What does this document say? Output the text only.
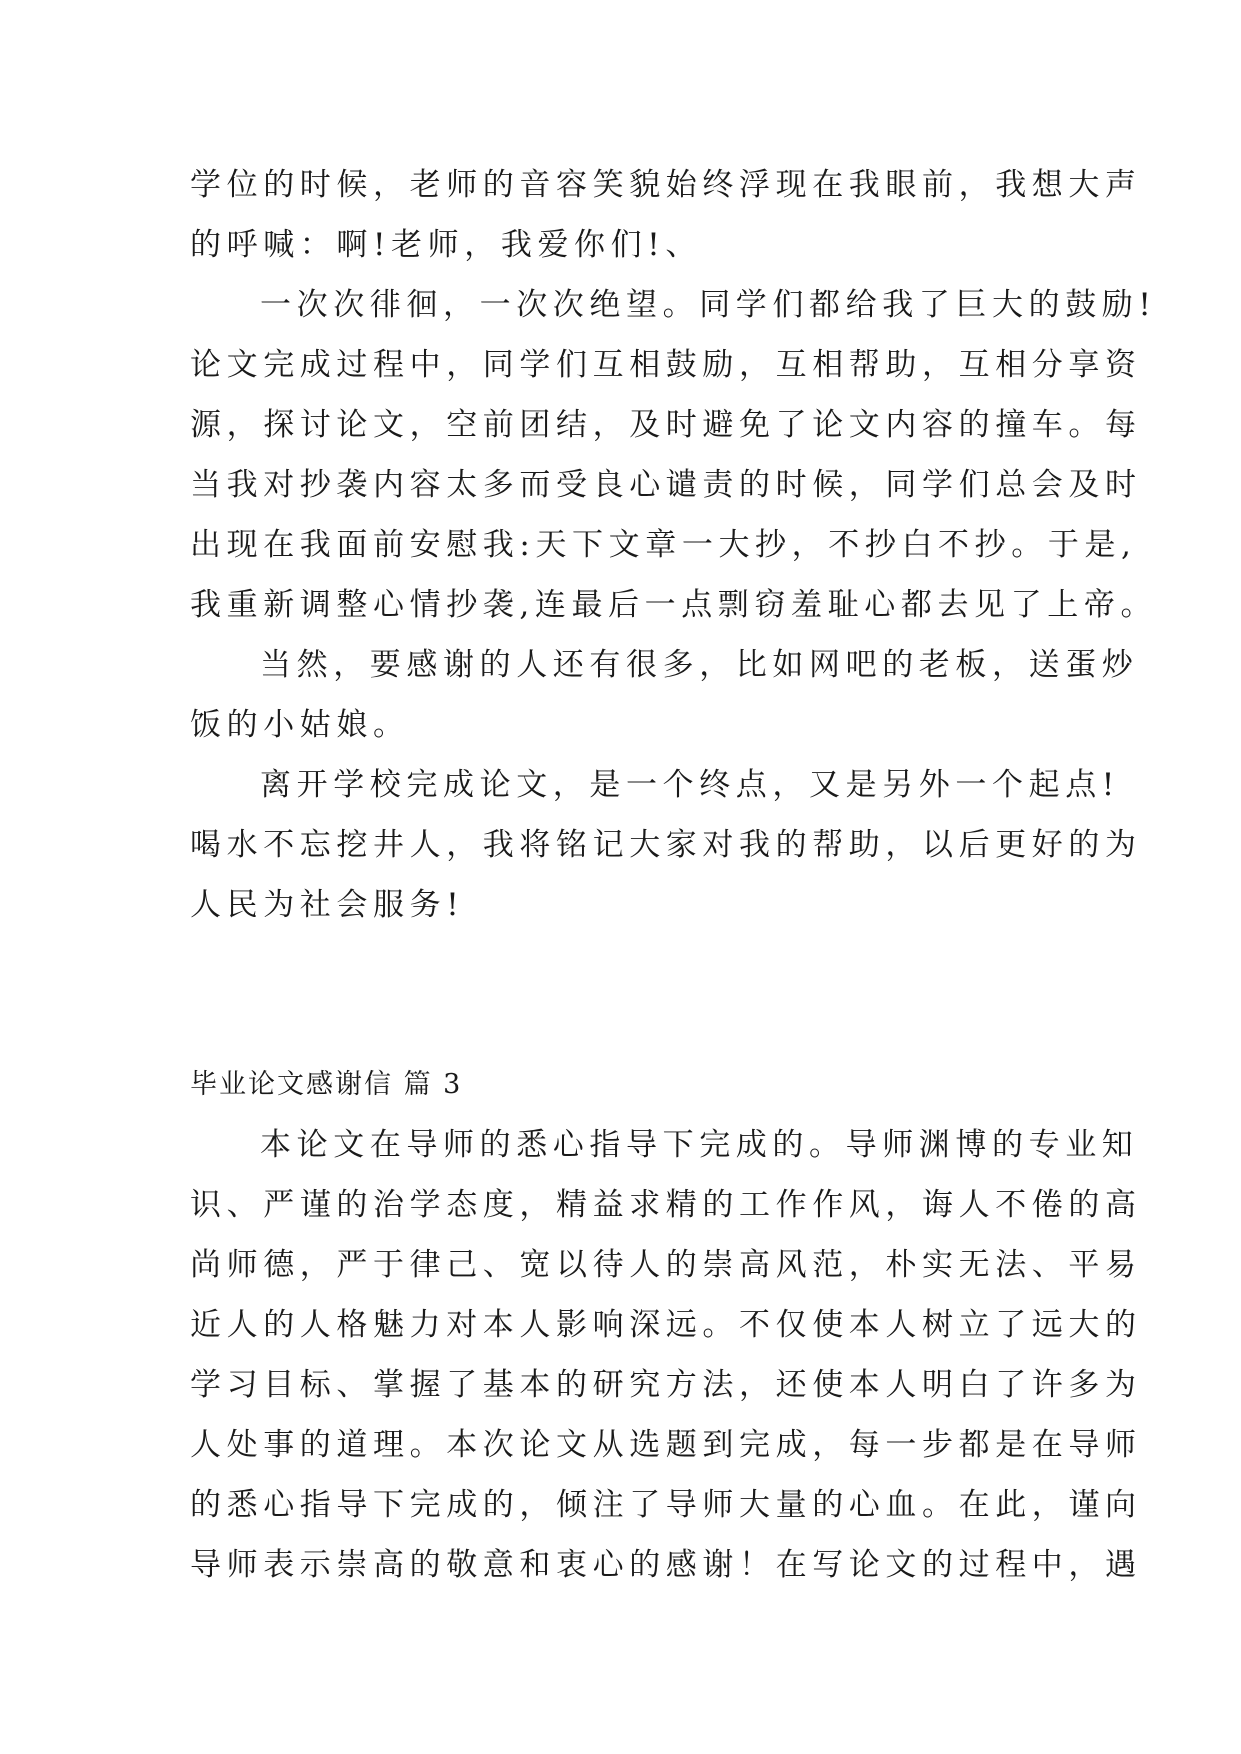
学位的时候，老师的音容笑貌始终浮现在我眼前，我想大声
的呼喊：啊!老师，我爱你们!、
一次次徘徊，一次次绝望。同学们都给我了巨大的鼓励!
论文完成过程中，同学们互相鼓励，互相帮助，互相分享资
源，探讨论文，空前团结，及时避免了论文内容的撞车。每
当我对抄袭内容太多而受良心谴责的时候，同学们总会及时
出现在我面前安慰我:天下文章一大抄，不抄白不抄。于是,
我重新调整心情抄袭,连最后一点剽窃羞耻心都去见了上帝。
当然，要感谢的人还有很多，比如网吧的老板，送蛋炒
饭的小姑娘。
离开学校完成论文，是一个终点，又是另外一个起点!
喝水不忘挖井人，我将铭记大家对我的帮助，以后更好的为
人民为社会服务!
毕业论文感谢信 篇 3
本论文在导师的悉心指导下完成的。导师渊博的专业知
识、严谨的治学态度，精益求精的工作作风，诲人不倦的高
尚师德，严于律己、宽以待人的崇高风范，朴实无法、平易
近人的人格魅力对本人影响深远。不仅使本人树立了远大的
学习目标、掌握了基本的研究方法，还使本人明白了许多为
人处事的道理。本次论文从选题到完成，每一步都是在导师
的悉心指导下完成的，倾注了导师大量的心血。在此，谨向
导师表示崇高的敬意和衷心的感谢！在写论文的过程中，遇
